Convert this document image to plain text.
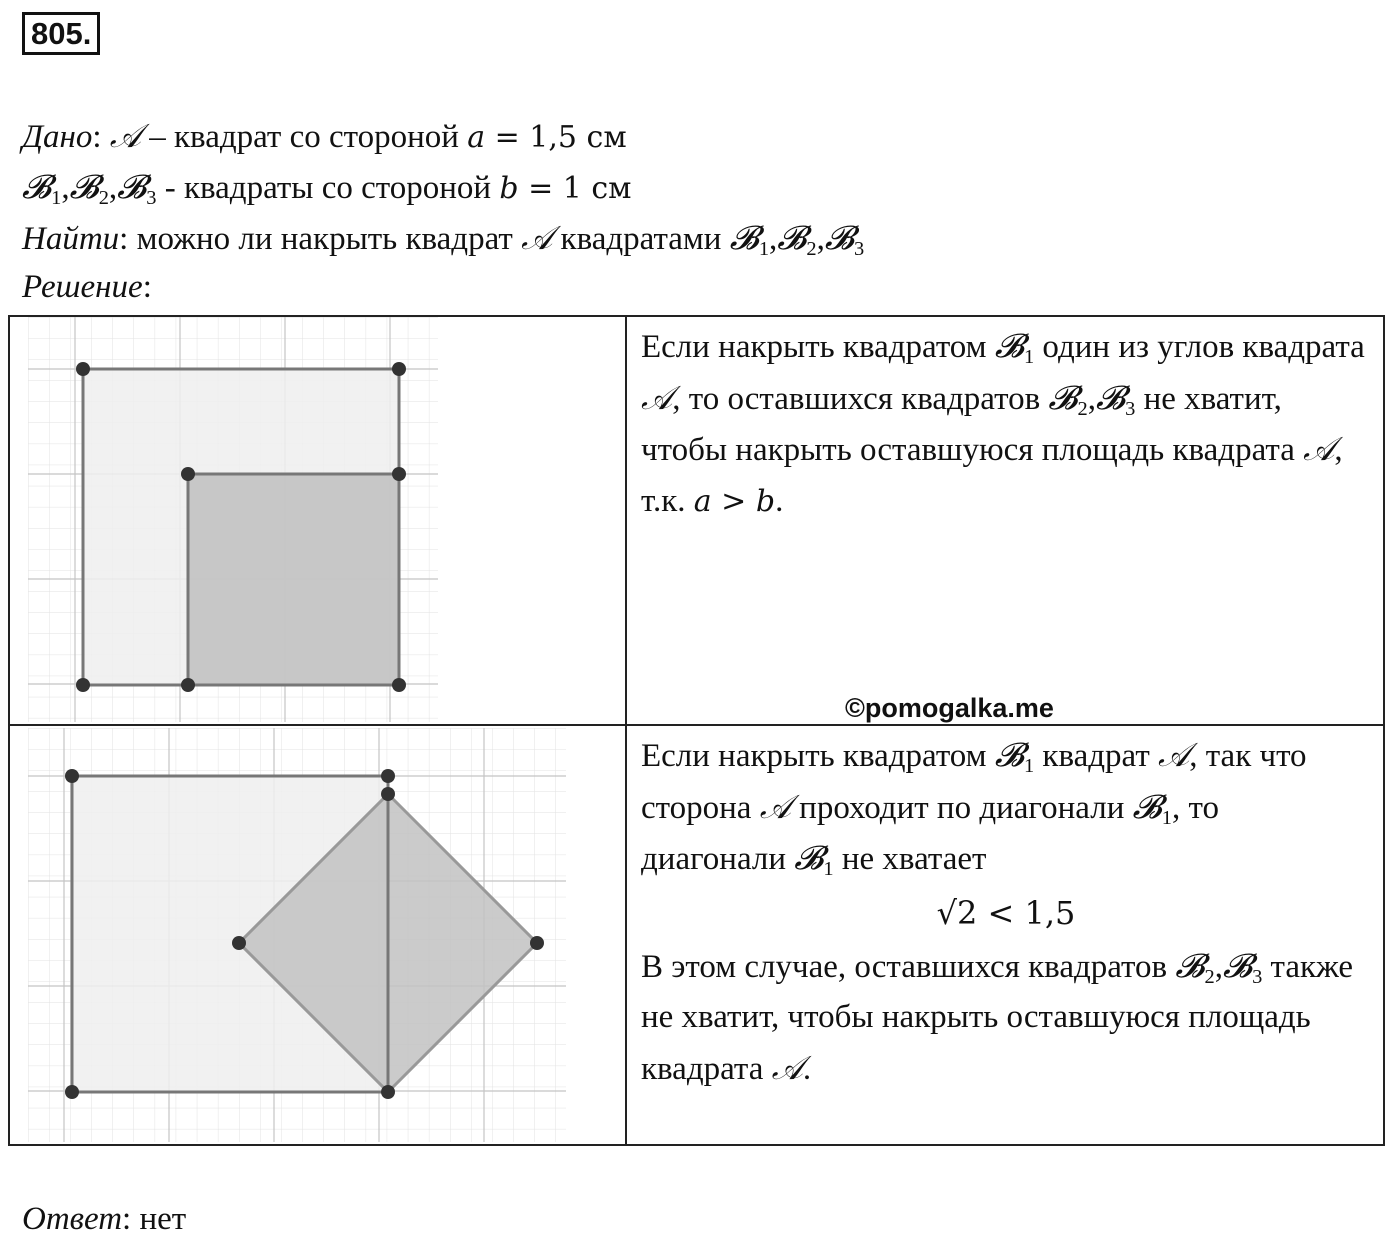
805.
Дано: 𝒜 – квадрат со стороной a = 1,5 см
𝓑$_1$,𝓑$_2$,𝓑$_3$ - квадраты со стороной b = 1 см
Найти: можно ли накрыть квадрат 𝒜 квадратами 𝓑$_1$,𝓑$_2$,𝓑$_3$
Решение:
Если накрыть квадратом 𝓑$_1$ один из углов квадрата 𝒜, то оставшихся квадратов 𝓑$_2$,𝓑$_3$ не хватит, чтобы накрыть оставшуюся площадь квадрата 𝒜, т.к. a > b.

Если накрыть квадратом 𝓑$_1$ квадрат 𝒜, так что сторона 𝒜 проходит по диагонали 𝓑$_1$, то диагонали 𝓑$_1$ не хватает

√2 < 1,5

В этом случае, оставшихся квадратов 𝓑$_2$,𝓑$_3$ также не хватит, чтобы накрыть оставшуюся площадь квадрата 𝒜.

©pomogalka.me
Ответ: нет
